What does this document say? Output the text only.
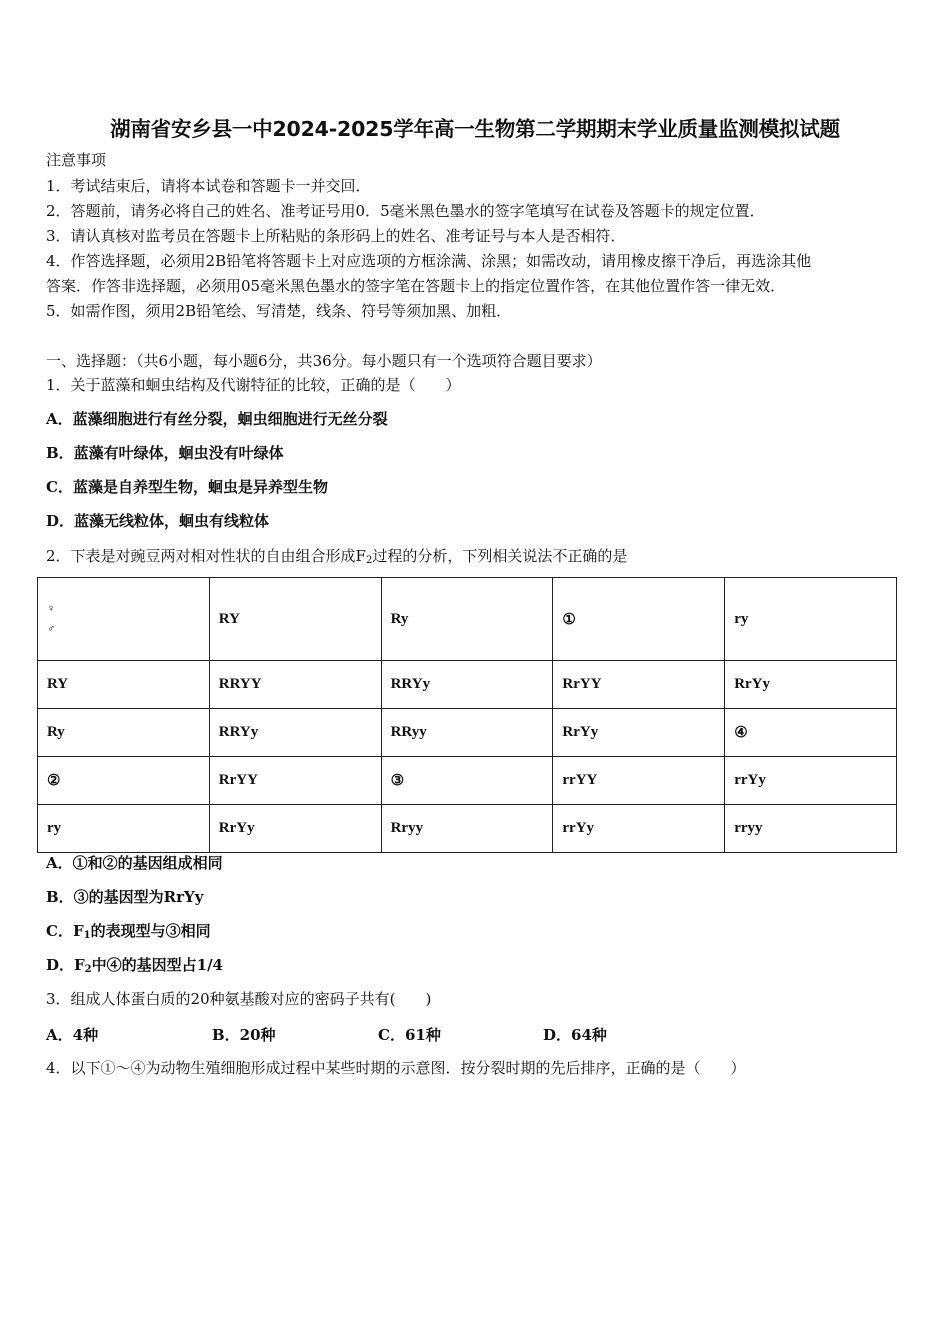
湖南省安乡县一中2024-2025学年高一生物第二学期期末学业质量监测模拟试题
注意事项
1．考试结束后，请将本试卷和答题卡一并交回．
2．答题前，请务必将自己的姓名、准考证号用0．5毫米黑色墨水的签字笔填写在试卷及答题卡的规定位置．
3．请认真核对监考员在答题卡上所粘贴的条形码上的姓名、准考证号与本人是否相符．
4．作答选择题，必须用2B铅笔将答题卡上对应选项的方框涂满、涂黑；如需改动，请用橡皮擦干净后，再选涂其他
答案．作答非选择题，必须用05毫米黑色墨水的签字笔在答题卡上的指定位置作答，在其他位置作答一律无效．
5．如需作图，须用2B铅笔绘、写清楚，线条、符号等须加黑、加粗．
一、选择题：（共6小题，每小题6分，共36分。每小题只有一个选项符合题目要求）
1．关于蓝藻和蛔虫结构及代谢特征的比较，正确的是（　　）
A．蓝藻细胞进行有丝分裂，蛔虫细胞进行无丝分裂
B．蓝藻有叶绿体，蛔虫没有叶绿体
C．蓝藻是自养型生物，蛔虫是异养型生物
D．蓝藻无线粒体，蛔虫有线粒体
2．下表是对豌豆两对相对性状的自由组合形成$F_2$过程的分析，下列相关说法不正确的是
♀
♂	RY	Ry	①	ry
RY	RRYY	RRYy	RrYY	RrYy
Ry	RRYy	RRyy	RrYy	④
②	RrYY	③	rrYY	rrYy
ry	RrYy	Rryy	rrYy	rryy
A．①和②的基因组成相同
B．③的基因型为RrYy
C．$F_1$的表现型与③相同
D．$F_2$中④的基因型占1/4
3．组成人体蛋白质的20种氨基酸对应的密码子共有(　　)
A．4种	B．20种	C．61种	D．64种
4．以下①～④为动物生殖细胞形成过程中某些时期的示意图．按分裂时期的先后排序，正确的是（　　）
